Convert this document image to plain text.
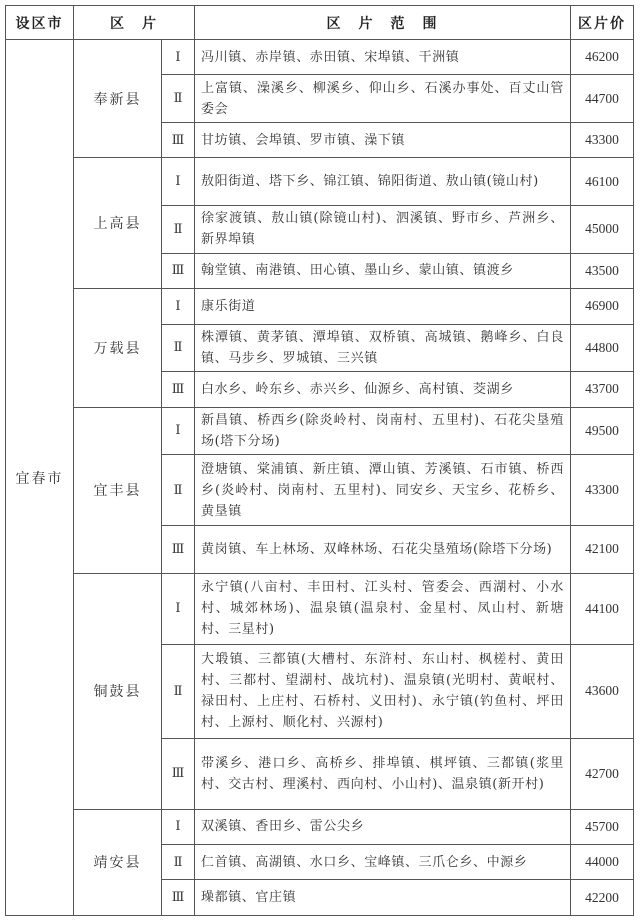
设区市	区　片		区　片　范　围	区片价
宜春市	奉新县	Ⅰ	冯川镇、赤岸镇、赤田镇、宋埠镇、干洲镇	46200
		Ⅱ	上富镇、澡溪乡、柳溪乡、仰山乡、石溪办事处、百丈山管委会	44700
		Ⅲ	甘坊镇、会埠镇、罗市镇、澡下镇	43300
	上高县	Ⅰ	敖阳街道、塔下乡、锦江镇、锦阳街道、敖山镇(镜山村)	46100
		Ⅱ	徐家渡镇、敖山镇(除镜山村)、泗溪镇、野市乡、芦洲乡、新界埠镇	45000
		Ⅲ	翰堂镇、南港镇、田心镇、墨山乡、蒙山镇、镇渡乡	43500
	万载县	Ⅰ	康乐街道	46900
		Ⅱ	株潭镇、黄茅镇、潭埠镇、双桥镇、高城镇、鹅峰乡、白良镇、马步乡、罗城镇、三兴镇	44800
		Ⅲ	白水乡、岭东乡、赤兴乡、仙源乡、高村镇、茭湖乡	43700
	宜丰县	Ⅰ	新昌镇、桥西乡(除炎岭村、岗南村、五里村)、石花尖垦殖场(塔下分场)	49500
		Ⅱ	澄塘镇、棠浦镇、新庄镇、潭山镇、芳溪镇、石市镇、桥西乡(炎岭村、岗南村、五里村)、同安乡、天宝乡、花桥乡、黄垦镇	43300
		Ⅲ	黄岗镇、车上林场、双峰林场、石花尖垦殖场(除塔下分场)	42100
	铜鼓县	Ⅰ	永宁镇(八亩村、丰田村、江头村、管委会、西湖村、小水村、城郊林场)、温泉镇(温泉村、金星村、凤山村、新塘村、三星村)	44100
		Ⅱ	大塅镇、三都镇(大槽村、东浒村、东山村、枫槎村、黄田村、三都村、望湖村、战坑村)、温泉镇(光明村、黄岷村、禄田村、上庄村、石桥村、义田村)、永宁镇(钓鱼村、坪田村、上源村、顺化村、兴源村)	43600
		Ⅲ	带溪乡、港口乡、高桥乡、排埠镇、棋坪镇、三都镇(浆里村、交古村、理溪村、西向村、小山村)、温泉镇(新开村)	42700
	靖安县	Ⅰ	双溪镇、香田乡、雷公尖乡	45700
		Ⅱ	仁首镇、高湖镇、水口乡、宝峰镇、三爪仑乡、中源乡	44000
		Ⅲ	璪都镇、官庄镇	42200
